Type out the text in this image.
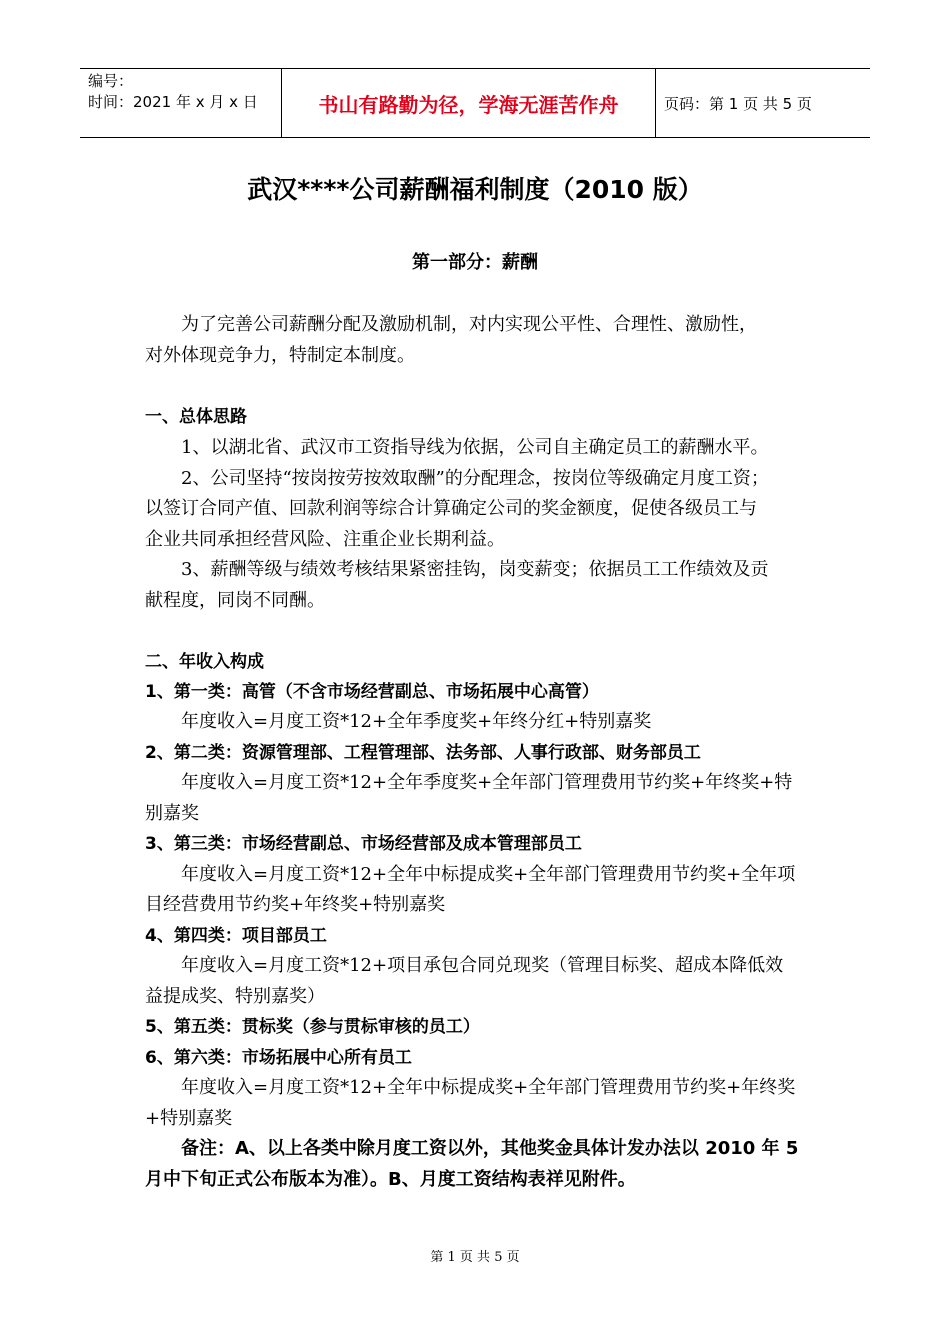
编号：
时间：2021 年 x 月 x 日	书山有路勤为径，学海无涯苦作舟	页码：第 1 页 共 5 页
武汉****公司薪酬福利制度（2010 版）
第一部分：薪酬
为了完善公司薪酬分配及激励机制，对内实现公平性、合理性、激励性，
对外体现竞争力，特制定本制度。
一、总体思路
1、以湖北省、武汉市工资指导线为依据，公司自主确定员工的薪酬水平。
2、公司坚持“按岗按劳按效取酬”的分配理念，按岗位等级确定月度工资；
以签订合同产值、回款利润等综合计算确定公司的奖金额度，促使各级员工与
企业共同承担经营风险、注重企业长期利益。
3、薪酬等级与绩效考核结果紧密挂钩，岗变薪变；依据员工工作绩效及贡
献程度，同岗不同酬。
二、年收入构成
1、第一类：高管（不含市场经营副总、市场拓展中心高管）
年度收入=月度工资*12+全年季度奖+年终分红+特别嘉奖
2、第二类：资源管理部、工程管理部、法务部、人事行政部、财务部员工
年度收入=月度工资*12+全年季度奖+全年部门管理费用节约奖+年终奖+特
别嘉奖
3、第三类：市场经营副总、市场经营部及成本管理部员工
年度收入=月度工资*12+全年中标提成奖+全年部门管理费用节约奖+全年项
目经营费用节约奖+年终奖+特别嘉奖
4、第四类：项目部员工
年度收入=月度工资*12+项目承包合同兑现奖（管理目标奖、超成本降低效
益提成奖、特别嘉奖）
5、第五类：贯标奖（参与贯标审核的员工）
6、第六类：市场拓展中心所有员工
年度收入=月度工资*12+全年中标提成奖+全年部门管理费用节约奖+年终奖
+特别嘉奖
备注：A、以上各类中除月度工资以外，其他奖金具体计发办法以 2010 年 5
月中下旬正式公布版本为准）。B、月度工资结构表祥见附件。
第 1 页 共 5 页
